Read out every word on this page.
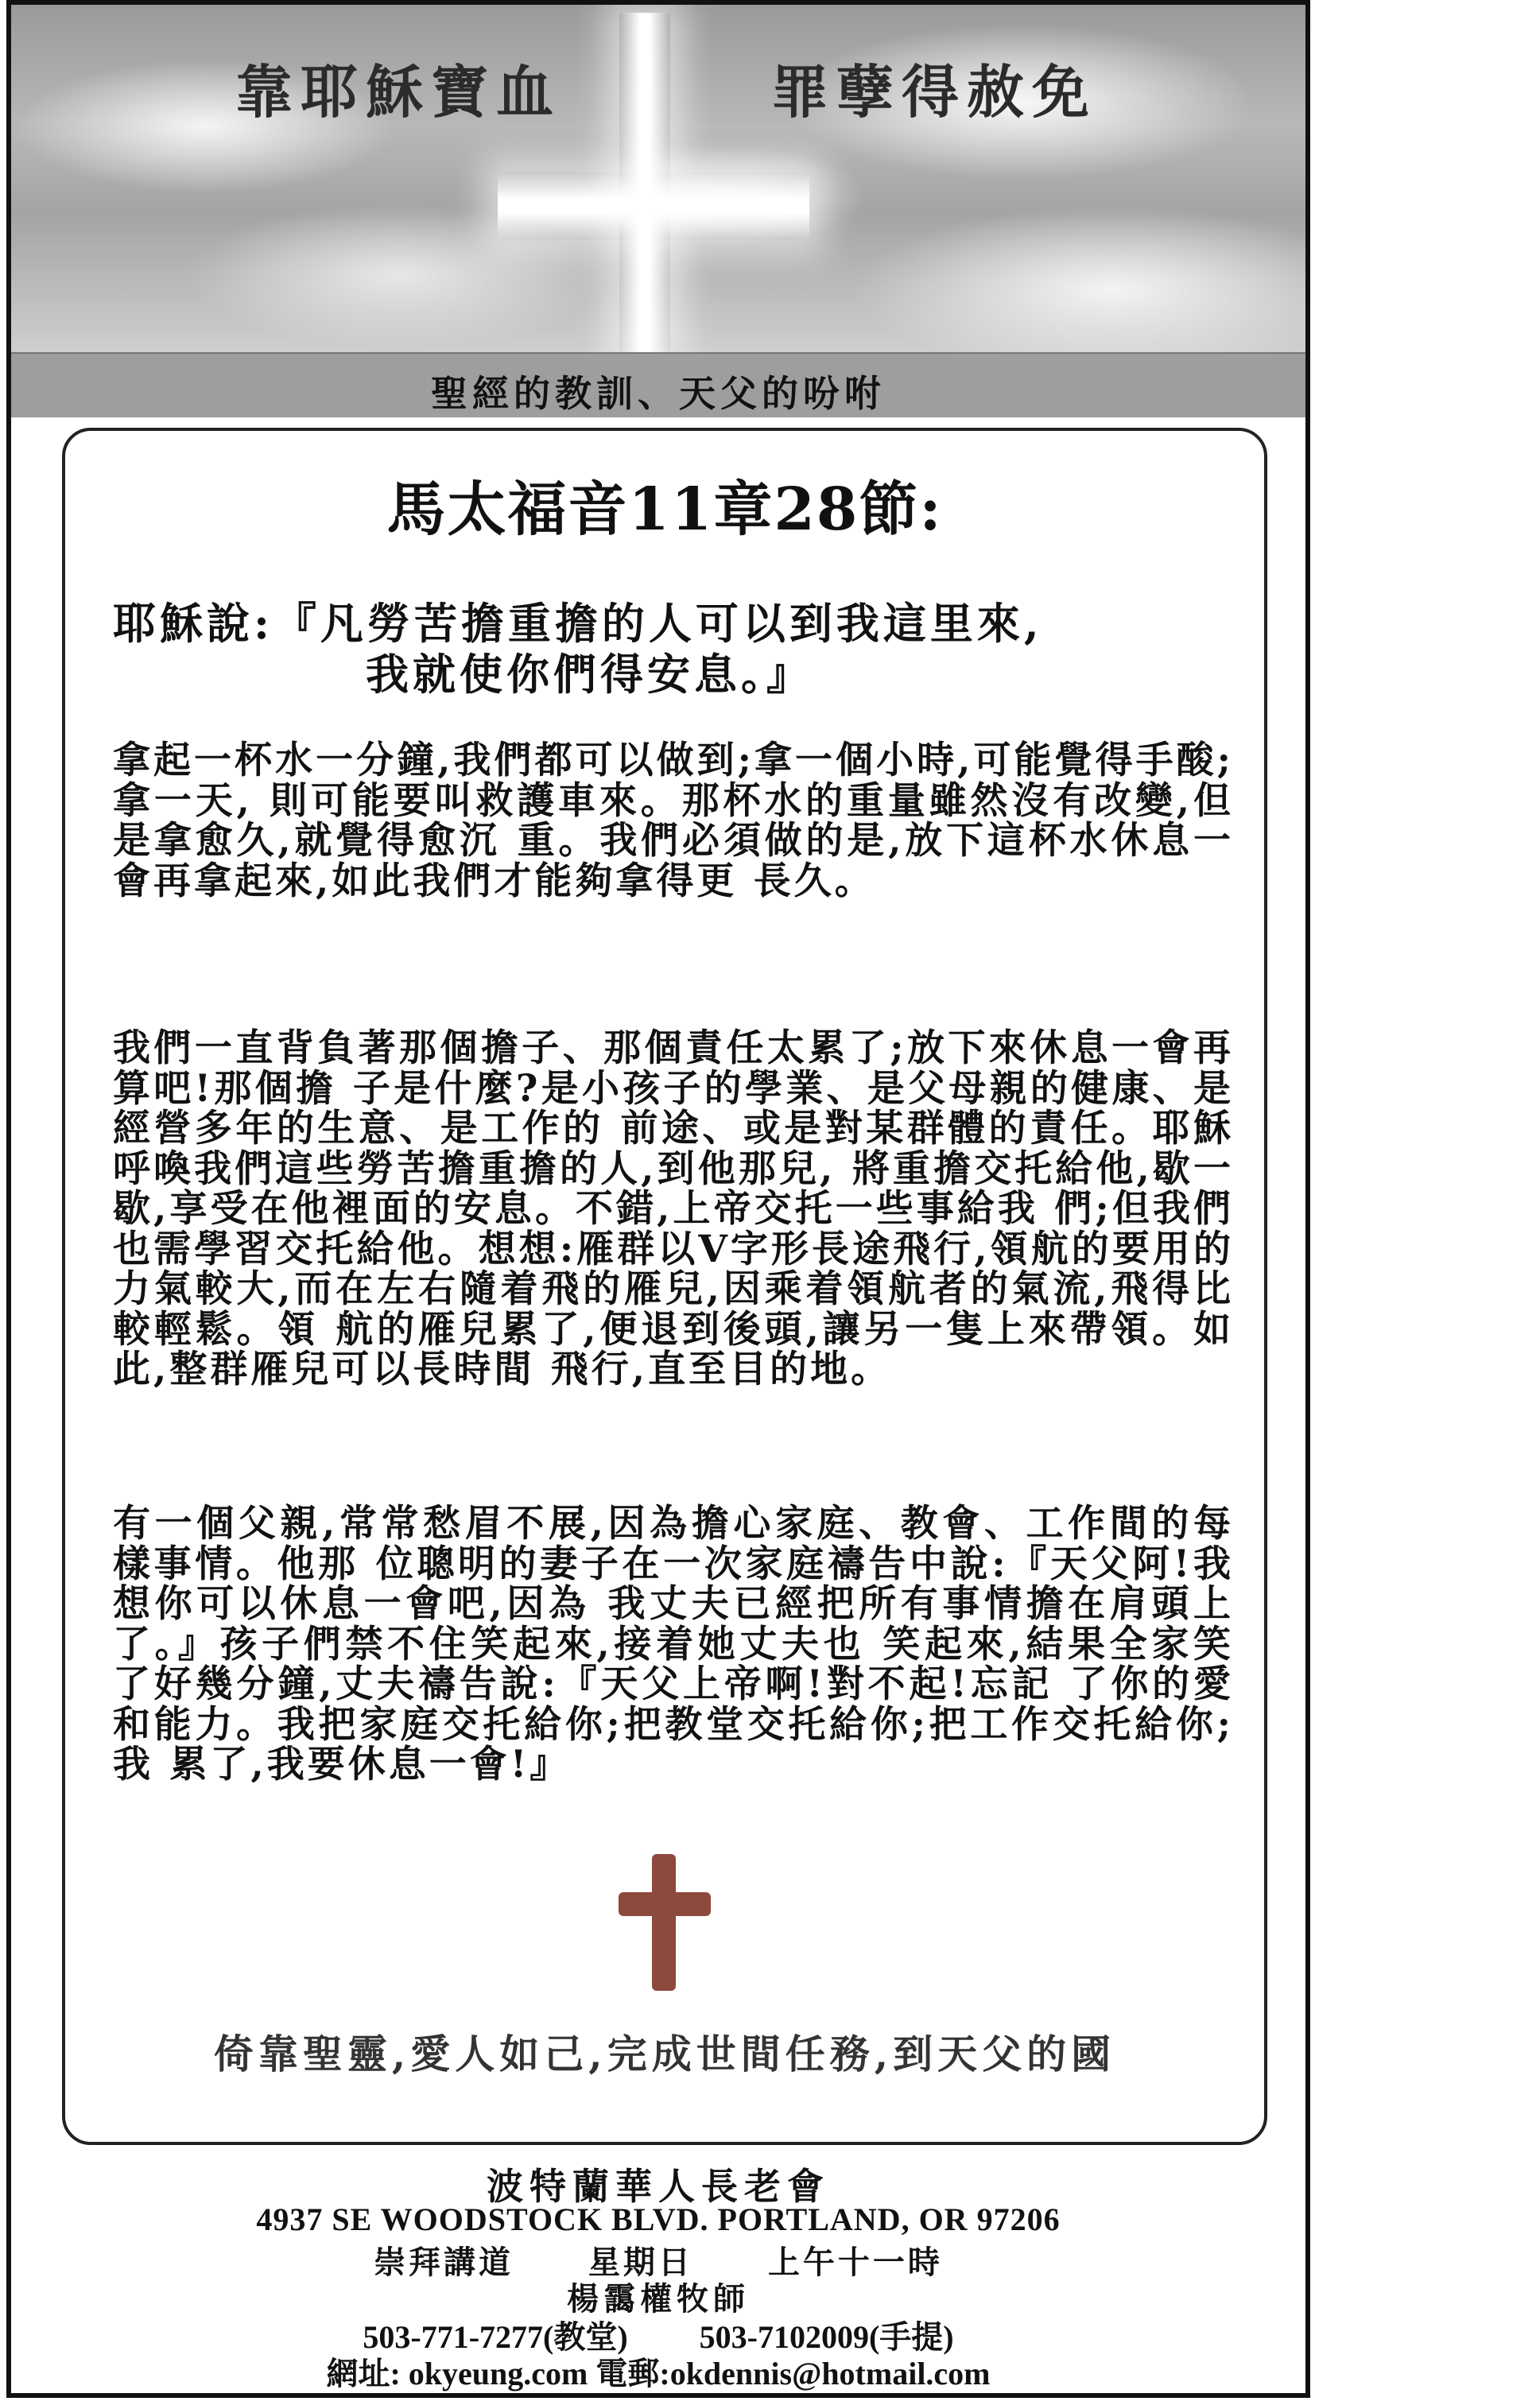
靠耶穌寶血	罪孽得赦免
聖經的教訓、天父的吩咐
馬太福音11章28節:
耶穌說:『凡勞苦擔重擔的人可以到我這里來,
我就使你們得安息。』
拿起一杯水一分鐘,我們都可以做到;拿一個小時,可能覺得手酸;拿一天, 則可能要叫救護車來。那杯水的重量雖然沒有改變,但是拿愈久,就覺得愈沉 重。我們必須做的是,放下這杯水休息一會再拿起來,如此我們才能夠拿得更 長久。
我們一直背負著那個擔子、那個責任太累了;放下來休息一會再算吧!那個擔 子是什麼?是小孩子的學業、是父母親的健康、是經營多年的生意、是工作的 前途、或是對某群體的責任。耶穌呼喚我們這些勞苦擔重擔的人,到他那兒, 將重擔交托給他,歇一歇,享受在他裡面的安息。不錯,上帝交托一些事給我 們;但我們也需學習交托給他。想想:雁群以V字形長途飛行,領航的要用的 力氣較大,而在左右隨着飛的雁兒,因乘着領航者的氣流,飛得比較輕鬆。領 航的雁兒累了,便退到後頭,讓另一隻上來帶領。如此,整群雁兒可以長時間 飛行,直至目的地。
有一個父親,常常愁眉不展,因為擔心家庭、教會、工作間的每樣事情。他那 位聰明的妻子在一次家庭禱告中說:『天父阿!我想你可以休息一會吧,因為 我丈夫已經把所有事情擔在肩頭上了。』孩子們禁不住笑起來,接着她丈夫也 笑起來,結果全家笑了好幾分鐘,丈夫禱告說:『天父上帝啊!對不起!忘記 了你的愛和能力。我把家庭交托給你;把教堂交托給你;把工作交托給你;我 累了,我要休息一會!』
倚靠聖靈,愛人如己,完成世間任務,到天父的國
波特蘭華人長老會
4937 SE WOODSTOCK BLVD. PORTLAND, OR 97206
崇拜講道 星期日 上午十一時
楊靄權牧師
503-771-7277(教堂) 503-7102009(手提)
網址: okyeung.com 電郵:okdennis@hotmail.com
